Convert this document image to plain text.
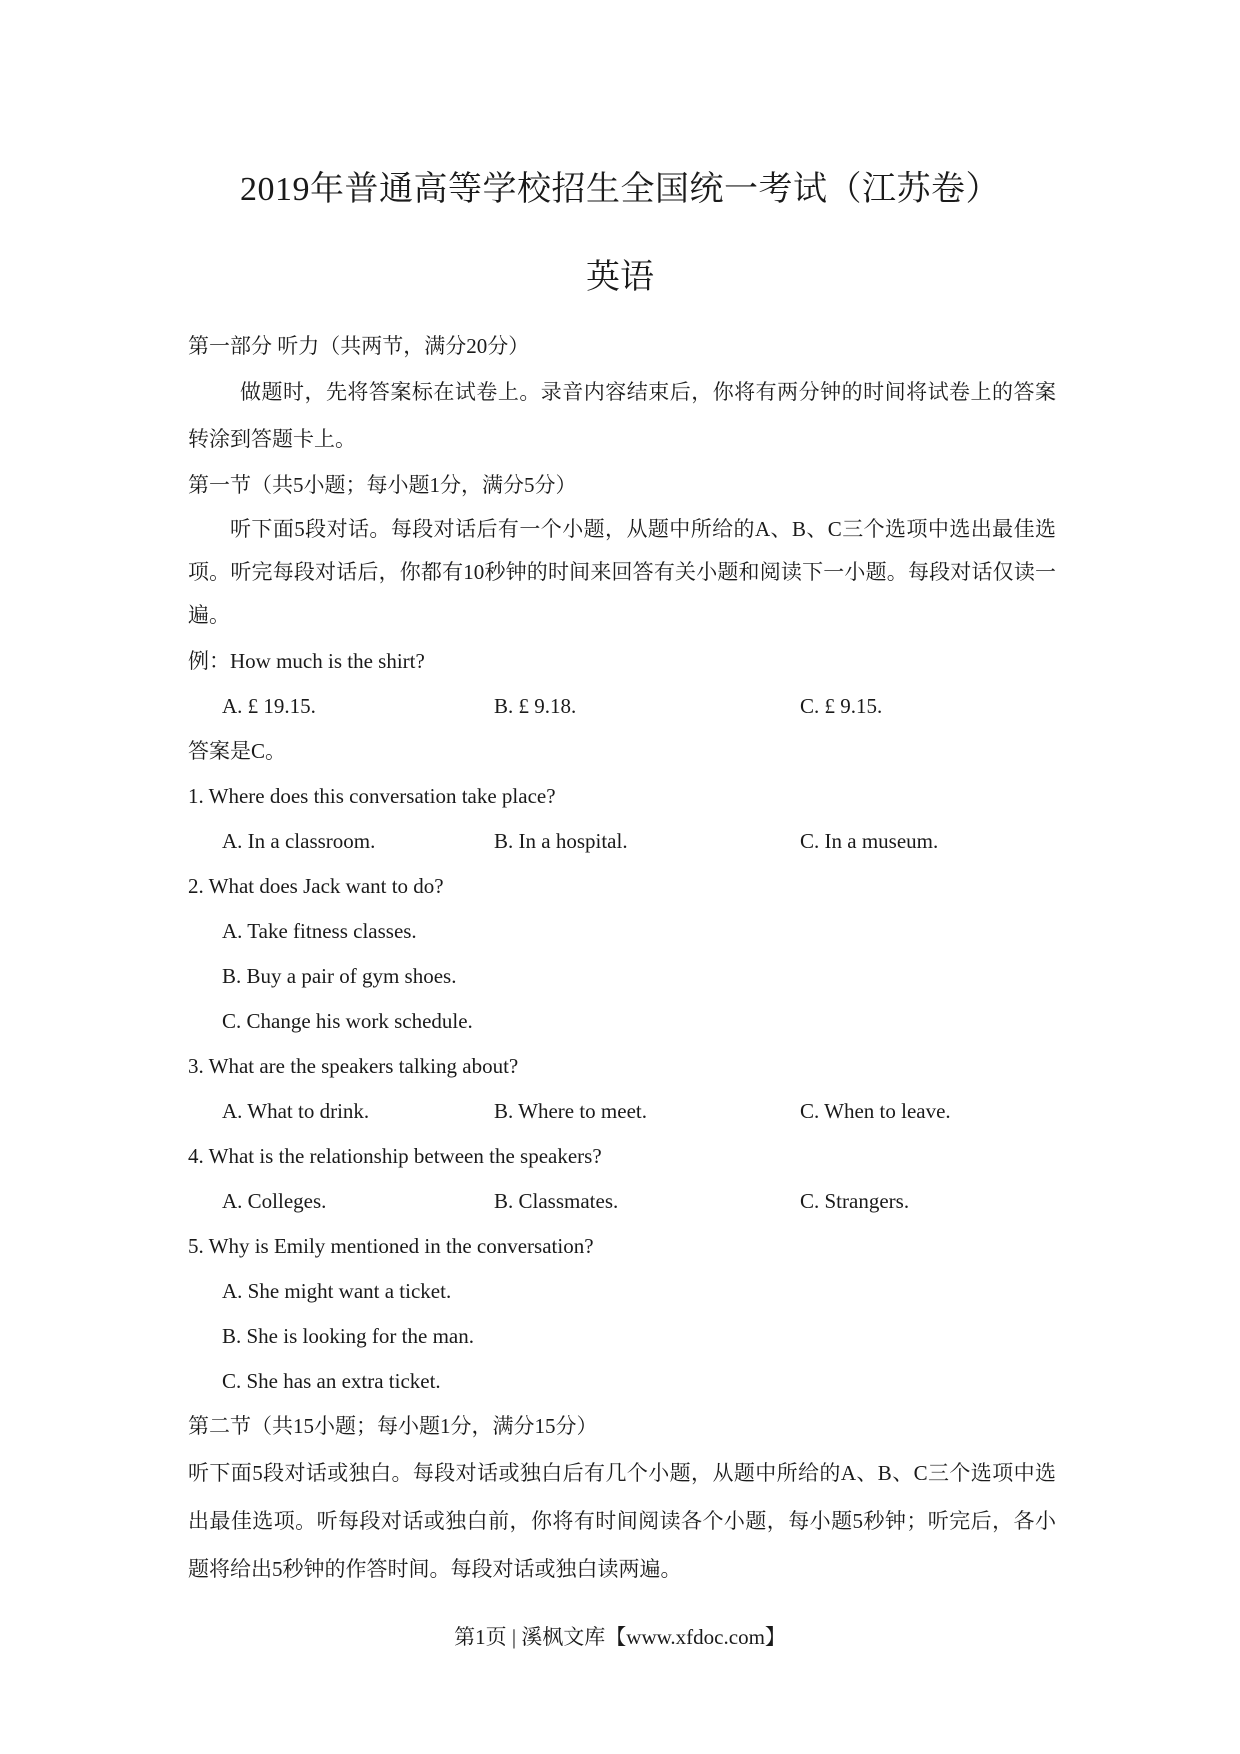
2019年普通高等学校招生全国统一考试（江苏卷）
英语
第一部分 听力（共两节，满分20分）
做题时，先将答案标在试卷上。录音内容结束后，你将有两分钟的时间将试卷上的答案转涂到答题卡上。
第一节（共5小题；每小题1分，满分5分）
听下面5段对话。每段对话后有一个小题，从题中所给的A、B、C三个选项中选出最佳选项。听完每段对话后，你都有10秒钟的时间来回答有关小题和阅读下一小题。每段对话仅读一遍。
例：How much is the shirt?
A. £ 19.15.	B. £ 9.18.	C. £ 9.15.
答案是C。
1. Where does this conversation take place?
A. In a classroom.	B. In a hospital.	C. In a museum.
2. What does Jack want to do?
A. Take fitness classes.
B. Buy a pair of gym shoes.
C. Change his work schedule.
3. What are the speakers talking about?
A. What to drink.	B. Where to meet.	C. When to leave.
4. What is the relationship between the speakers?
A. Colleges.	B. Classmates.	C. Strangers.
5. Why is Emily mentioned in the conversation?
A. She might want a ticket.
B. She is looking for the man.
C. She has an extra ticket.
第二节（共15小题；每小题1分，满分15分）
听下面5段对话或独白。每段对话或独白后有几个小题，从题中所给的A、B、C三个选项中选出最佳选项。听每段对话或独白前，你将有时间阅读各个小题，每小题5秒钟；听完后，各小题将给出5秒钟的作答时间。每段对话或独白读两遍。
第1页 | 溪枫文库【www.xfdoc.com】
